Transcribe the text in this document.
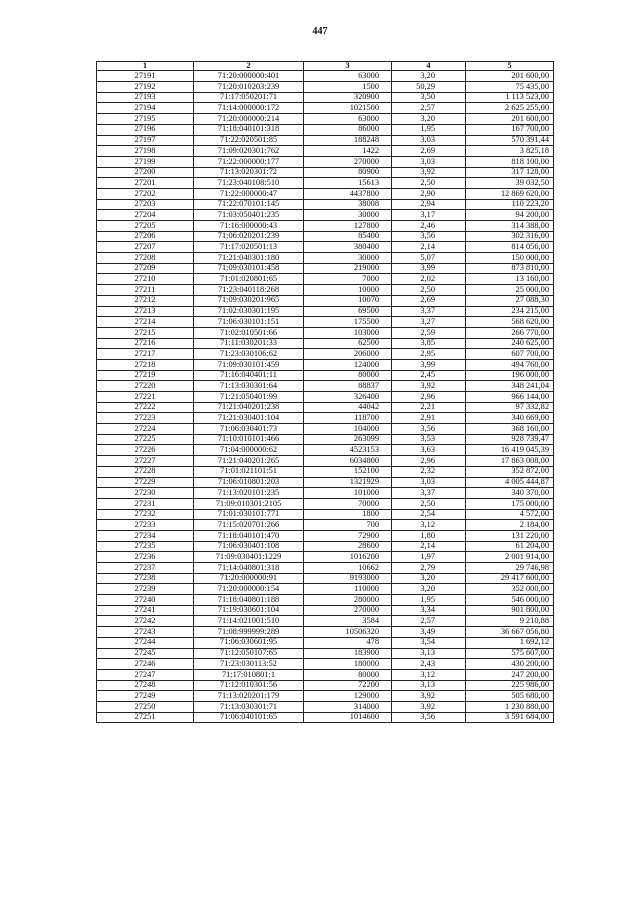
447
1	2	3	4	5
27191	71:20:000000:401	63000	3,20	201 600,00
27192	71:20:010203:239	1500	50,29	75 435,00
27193	71:17:050201:71	320900	3,50	1 113 523,00
27194	71:14:000000:172	1021500	2,57	2 625 255,00
27195	71:20:000000:214	63000	3,20	201 600,00
27196	71:18:040101:318	86000	1,95	167 700,00
27197	71:22:020501:85	188248	3,03	570 391,44
27198	71:09:020301:762	1422	2,69	3 825,18
27199	71:22:000000:177	270000	3,03	818 100,00
27200	71:13:020301:72	80900	3,92	317 128,00
27201	71:23:040108:510	15613	2,50	39 032,50
27202	71:22:000000:47	4437800	2,90	12 869 620,00
27203	71:22:070101:145	38008	2,94	110 223,20
27204	71:03:050401:235	30000	3,17	94 200,00
27205	71:16:000000:43	127800	2,46	314 388,00
27206	71:06:020201:239	85400	3,56	302 316,00
27207	71:17:020501:13	380400	2,14	814 056,00
27208	71:21:040301:180	30000	5,07	150 000,00
27209	71:09:030101:458	219000	3,99	873 810,00
27210	71:01:020801:65	7000	2,02	13 160,00
27211	71:23:040118:268	10000	2,50	25 000,00
27212	71:09:030201:965	10070	2,69	27 088,30
27213	71:02:030301:195	69500	3,37	234 215,00
27214	71:06:030101:151	175500	3,27	568 620,00
27215	71:02:010501:66	103000	2,59	266 770,00
27216	71:11:030201:33	62500	3,85	240 625,00
27217	71:23:030106:62	206000	2,95	607 700,00
27218	71:09:030101:459	124000	3,99	494 760,00
27219	71:16:040401:11	80000	2,45	196 000,00
27220	71:13:030301:64	88837	3,92	348 241,04
27221	71:21:050401:99	326400	2,96	966 144,00
27222	71:21:040201:238	44042	2,21	97 332,82
27223	71:21:030401:104	118700	2,91	340 669,00
27224	71:06:030401:73	104000	3,56	368 160,00
27225	71:10:010101:466	263099	3,53	928 739,47
27226	71:04:000000:62	4523153	3,63	16 419 045,39
27227	71:21:040201:265	6034800	2,96	17 863 008,00
27228	71:01:021101:51	152100	2,32	352 872,00
27229	71:06:010801:203	1321929	3,03	4 005 444,87
27230	71:13:020101:235	101000	3,37	340 370,00
27231	71:09:010301:2105	70000	2,50	175 000,00
27232	71:01:030101:771	1800	2,54	4 572,00
27233	71:15:020701:266	700	3,12	2 184,00
27234	71:18:040101:470	72900	1,80	131 220,00
27235	71:06:030401:108	28600	2,14	61 204,00
27236	71:09:030401:1229	1016200	1,97	2 001 914,00
27237	71:14:040801:318	10662	2,79	29 746,98
27238	71:20:000000:91	9193000	3,20	29 417 600,00
27239	71:20:000000:154	110000	3,20	352 000,00
27240	71:18:040801:188	280000	1,95	546 000,00
27241	71:19:030601:104	270000	3,34	901 800,00
27242	71:14:021001:510	3584	2,57	9 210,88
27243	71:08:999999:289	10506320	3,49	36 667 056,80
27244	71:06:030601:95	478	3,54	1 692,12
27245	71:12:050107:65	183900	3,13	575 607,00
27246	71:23:030113:52	180000	2,43	430 200,00
27247	71:17:010801:1	80000	3,12	247 200,00
27248	71:12:010301:56	72200	3,13	225 986,00
27249	71:13:020201:179	129000	3,92	505 680,00
27250	71:13:030301:71	314000	3,92	1 230 880,00
27251	71:06:040101:65	1014600	3,56	3 591 684,00
